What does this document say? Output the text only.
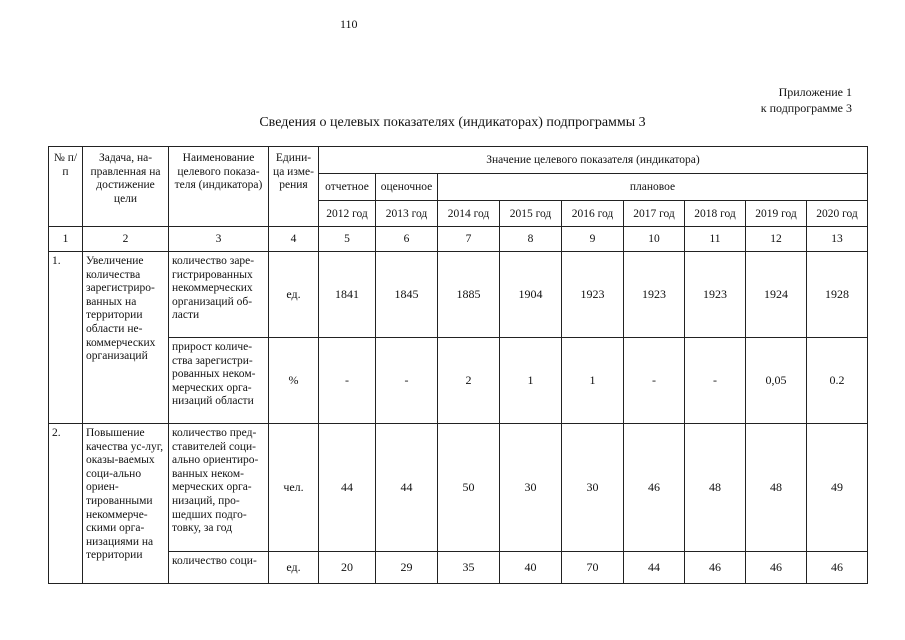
110
Приложение 1
к подпрограмме 3
Сведения о целевых показателях (индикаторах) подпрограммы 3
№ п/п	Задача, на-правленная на достижение цели	Наименование целевого показа-теля (индикатора)	Едини-ца изме-рения	Значение целевого показателя (индикатора)								
				отчетное	оценочное	плановое						
				2012 год	2013 год	2014 год	2015 год	2016 год	2017 год	2018 год	2019 год	2020 год
1	2	3	4	5	6	7	8	9	10	11	12	13
1.	Увеличение количества зарегистриро-ванных на территории области не-коммерческих организаций	количество заре-гистрированных некоммерческих организаций об-ласти	ед.	1841	1845	1885	1904	1923	1923	1923	1924	1928
		прирост количе-ства зарегистри-рованных неком-мерческих орга-низаций области	%	-	-	2	1	1	-	-	0,05	0.2
2.	Повышение качества ус-луг, оказы-ваемых соци-ально ориен-тированными некоммерче-скими орга-низациями на территории	количество пред-ставителей соци-ально ориентиро-ванных неком-мерческих орга-низаций, про-шедших подго-товку, за год	чел.	44	44	50	30	30	46	48	48	49
		количество соци-	ед.	20	29	35	40	70	44	46	46	46
